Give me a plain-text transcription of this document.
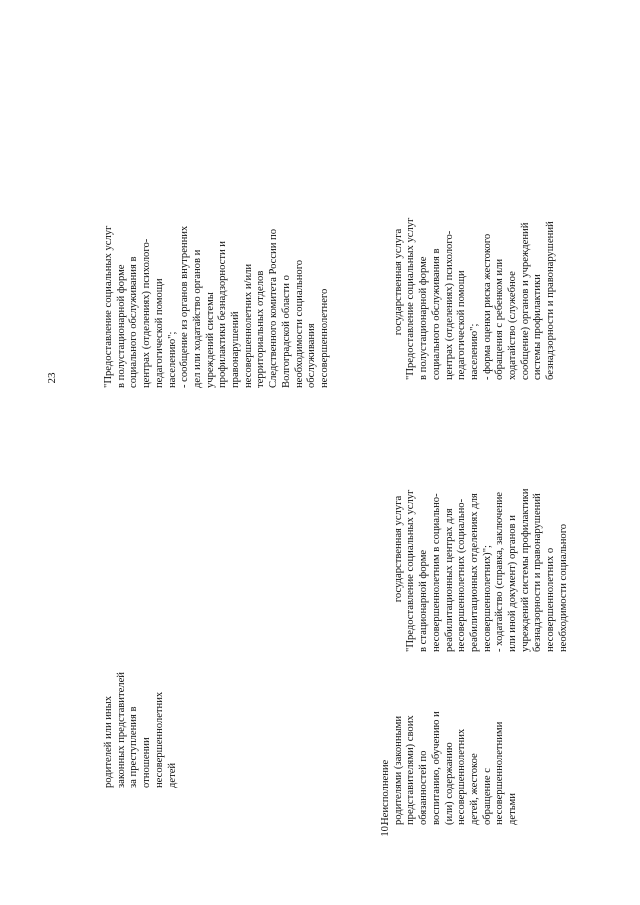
23
родителей или иных
законных представителей
за преступления в
отношении
несовершеннолетних
детей
"Предоставление социальных услуг
в полустационарной форме
социального обслуживания в
центрах (отделениях) психолого-
педагогической помощи
населению";
- сообщение из органов внутренних
дел или ходатайство органов и
учреждений системы
профилактики безнадзорности и
правонарушений
несовершеннолетних и/или
территориальных отделов
Следственного комитета России по
Волгоградской области о
необходимости социального
обслуживания
несовершеннолетнего
10.
Неисполнение
родителями (законными
представителями) своих
обязанностей по
воспитанию, обучению и
(или) содержанию
несовершеннолетних
детей, жестокое
обращение с
несовершеннолетними
детьми

государственная услуга
"Предоставление социальных услуг
в стационарной форме
несовершеннолетним в социально-
реабилитационных центрах для
несовершеннолетних (социально-
реабилитационных отделениях для
несовершеннолетних)";
- ходатайство (справка, заключение
или иной документ) органов и
учреждений системы профилактики
безнадзорности и правонарушений
несовершеннолетних о
необходимости социального

государственная услуга
"Предоставление социальных услуг
в полустационарной форме
социального обслуживания в
центрах (отделениях) психолого-
педагогической помощи
населению";
- форма оценки риска жестокого
обращения с ребенком или
ходатайство (служебное
сообщение) органов и учреждений
системы профилактики
безнадзорности и правонарушений
